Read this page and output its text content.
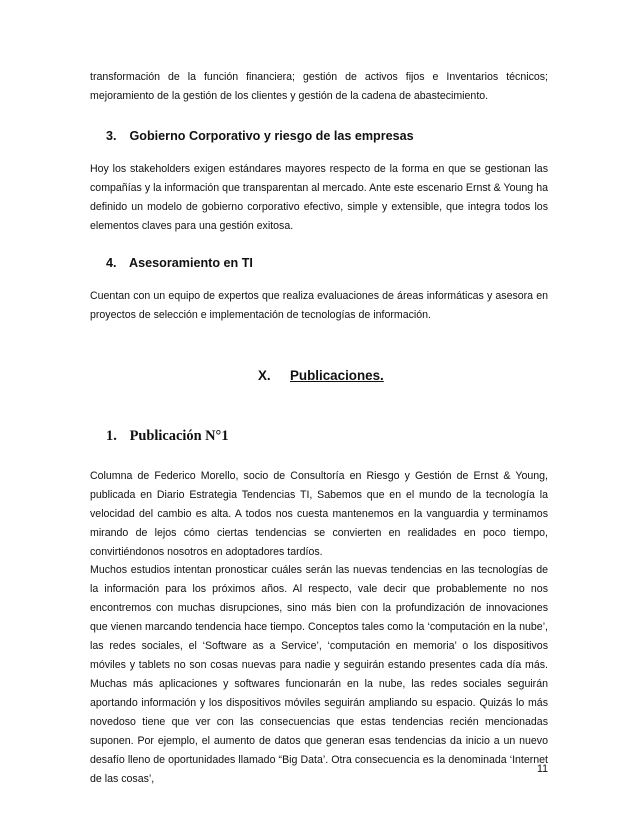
transformación de la función financiera; gestión de activos fijos e Inventarios técnicos; mejoramiento de la gestión de los clientes y gestión de la cadena de abastecimiento.

3. Gobierno Corporativo y riesgo de las empresas

Hoy los stakeholders exigen estándares mayores respecto de la forma en que se gestionan las compañías y la información que transparentan al mercado. Ante este escenario Ernst & Young ha definido un modelo de gobierno corporativo efectivo, simple y extensible, que integra todos los elementos claves para una gestión exitosa.

4. Asesoramiento en TI

Cuentan con un equipo de expertos que realiza evaluaciones de áreas informáticas y asesora en proyectos de selección e implementación de tecnologías de información.

X. Publicaciones.
1. Publicación N°1

Columna de Federico Morello, socio de Consultoría en Riesgo y Gestión de Ernst & Young, publicada en Diario Estrategia Tendencias TI, Sabemos que en el mundo de la tecnología la velocidad del cambio es alta. A todos nos cuesta mantenemos en la vanguardia y terminamos mirando de lejos cómo ciertas tendencias se convierten en realidades en poco tiempo, convirtiéndonos nosotros en adoptadores tardíos.

Muchos estudios intentan pronosticar cuáles serán las nuevas tendencias en las tecnologías de la información para los próximos años. Al respecto, vale decir que probablemente no nos encontremos con muchas disrupciones, sino más bien con la profundización de innovaciones que vienen marcando tendencia hace tiempo. Conceptos tales como la ‘computación en la nube’, las redes sociales, el ‘Software as a Service’, ‘computación en memoria’ o los dispositivos móviles y tablets no son cosas nuevas para nadie y seguirán estando presentes cada día más. Muchas más aplicaciones y softwares funcionarán en la nube, las redes sociales seguirán aportando información y los dispositivos móviles seguirán ampliando su espacio. Quizás lo más novedoso tiene que ver con las consecuencias que estas tendencias recién mencionadas suponen. Por ejemplo, el aumento de datos que generan esas tendencias da inicio a un nuevo desafío lleno de oportunidades llamado “Big Data’. Otra consecuencia es la denominada ‘Internet de las cosas’,

11
